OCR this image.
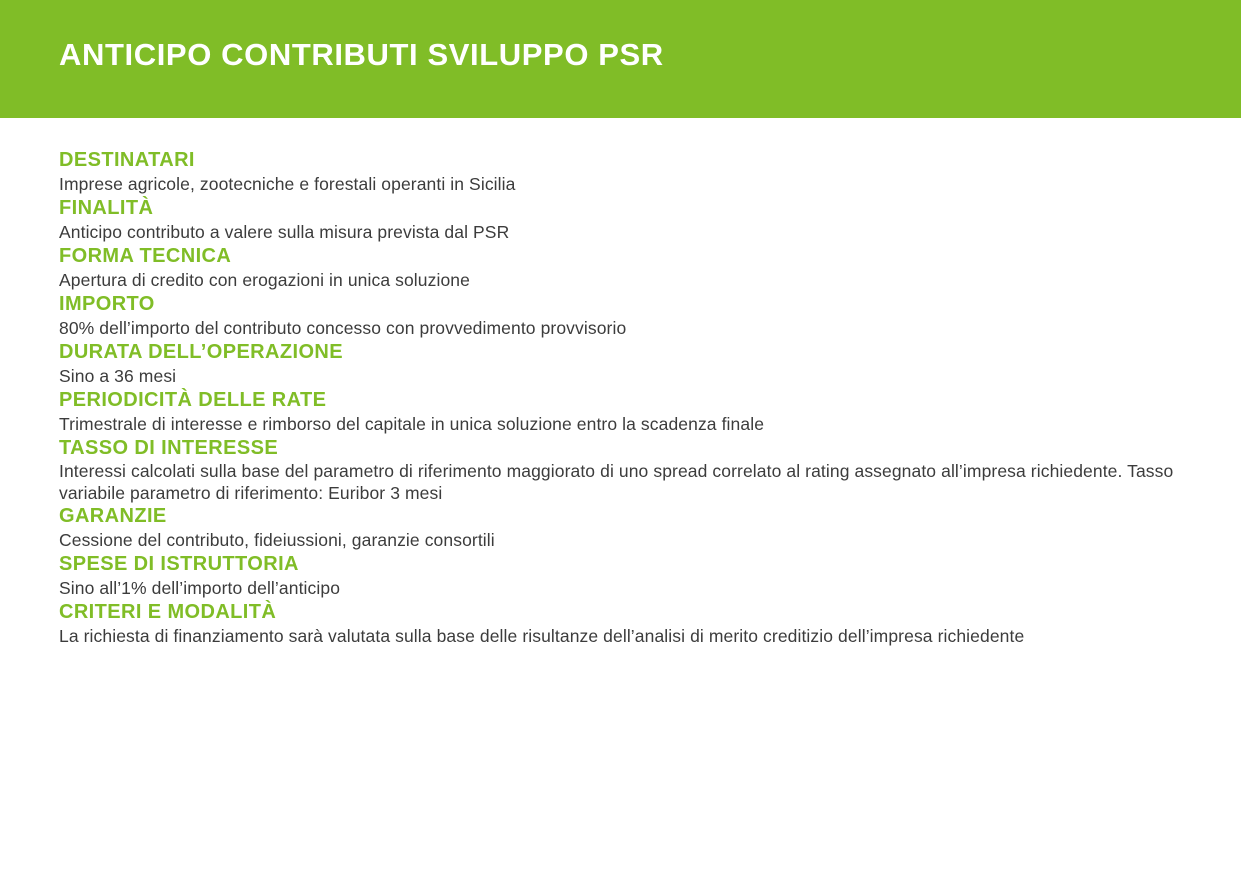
ANTICIPO CONTRIBUTI SVILUPPO PSR
DESTINATARI

Imprese agricole, zootecniche e forestali operanti in Sicilia

FINALITÀ

Anticipo contributo a valere sulla misura prevista dal PSR

FORMA TECNICA

Apertura di credito con erogazioni in unica soluzione

IMPORTO

80% dell’importo del contributo concesso con provvedimento provvisorio

DURATA DELL’OPERAZIONE

Sino a 36 mesi

PERIODICITÀ DELLE RATE

Trimestrale di interesse e rimborso del capitale in unica soluzione entro la scadenza finale

TASSO DI INTERESSE

Interessi calcolati sulla base del parametro di riferimento maggiorato di uno spread correlato al rating assegnato all’impresa richiedente. Tasso variabile parametro di riferimento: Euribor 3 mesi

GARANZIE

Cessione del contributo, fideiussioni, garanzie consortili

SPESE DI ISTRUTTORIA

Sino all’1% dell’importo dell’anticipo

CRITERI E MODALITÀ

La richiesta di finanziamento sarà valutata sulla base delle risultanze dell’analisi di merito creditizio dell’impresa richiedente
